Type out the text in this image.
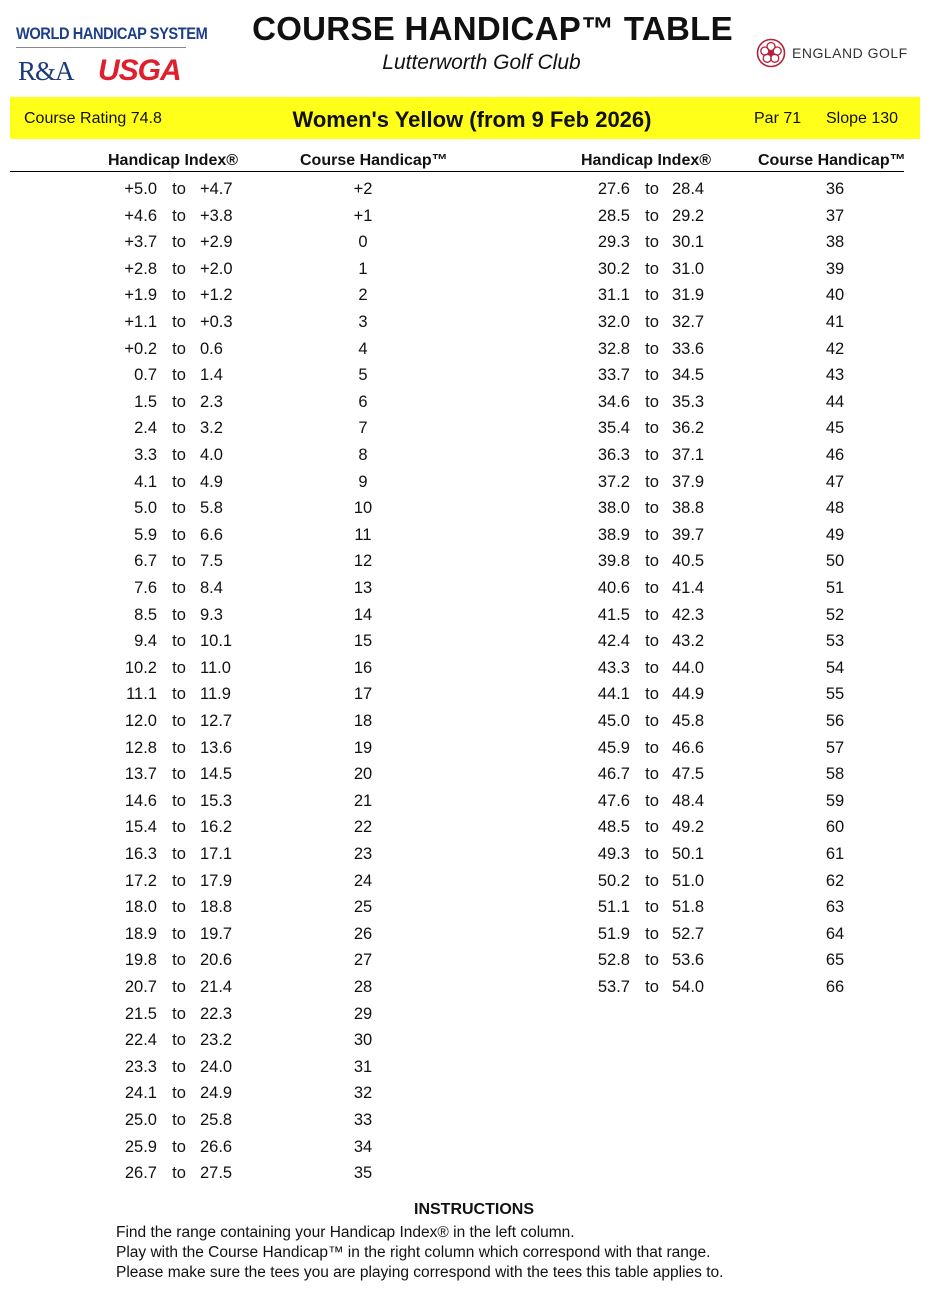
WORLD HANDICAP SYSTEM
R&A USGA
ENGLAND GOLF
COURSE HANDICAP™ TABLE
Lutterworth Golf Club
Course Rating 74.8	Women's Yellow (from 9 Feb 2026)	Par 71 Slope 130
Handicap Index®	Course Handicap™	Handicap Index®	Course Handicap™
+5.0 to +4.7	+2
+4.6 to +3.8	+1
+3.7 to +2.9	0
+2.8 to +2.0	1
+1.9 to +1.2	2
+1.1 to +0.3	3
+0.2 to 0.6	4
0.7 to 1.4	5
1.5 to 2.3	6
2.4 to 3.2	7
3.3 to 4.0	8
4.1 to 4.9	9
5.0 to 5.8	10
5.9 to 6.6	11
6.7 to 7.5	12
7.6 to 8.4	13
8.5 to 9.3	14
9.4 to 10.1	15
10.2 to 11.0	16
11.1 to 11.9	17
12.0 to 12.7	18
12.8 to 13.6	19
13.7 to 14.5	20
14.6 to 15.3	21
15.4 to 16.2	22
16.3 to 17.1	23
17.2 to 17.9	24
18.0 to 18.8	25
18.9 to 19.7	26
19.8 to 20.6	27
20.7 to 21.4	28
21.5 to 22.3	29
22.4 to 23.2	30
23.3 to 24.0	31
24.1 to 24.9	32
25.0 to 25.8	33
25.9 to 26.6	34
26.7 to 27.5	35
27.6 to 28.4	36
28.5 to 29.2	37
29.3 to 30.1	38
30.2 to 31.0	39
31.1 to 31.9	40
32.0 to 32.7	41
32.8 to 33.6	42
33.7 to 34.5	43
34.6 to 35.3	44
35.4 to 36.2	45
36.3 to 37.1	46
37.2 to 37.9	47
38.0 to 38.8	48
38.9 to 39.7	49
39.8 to 40.5	50
40.6 to 41.4	51
41.5 to 42.3	52
42.4 to 43.2	53
43.3 to 44.0	54
44.1 to 44.9	55
45.0 to 45.8	56
45.9 to 46.6	57
46.7 to 47.5	58
47.6 to 48.4	59
48.5 to 49.2	60
49.3 to 50.1	61
50.2 to 51.0	62
51.1 to 51.8	63
51.9 to 52.7	64
52.8 to 53.6	65
53.7 to 54.0	66
INSTRUCTIONS
Find the range containing your Handicap Index® in the left column.
Play with the Course Handicap™ in the right column which correspond with that range.
Please make sure the tees you are playing correspond with the tees this table applies to.
